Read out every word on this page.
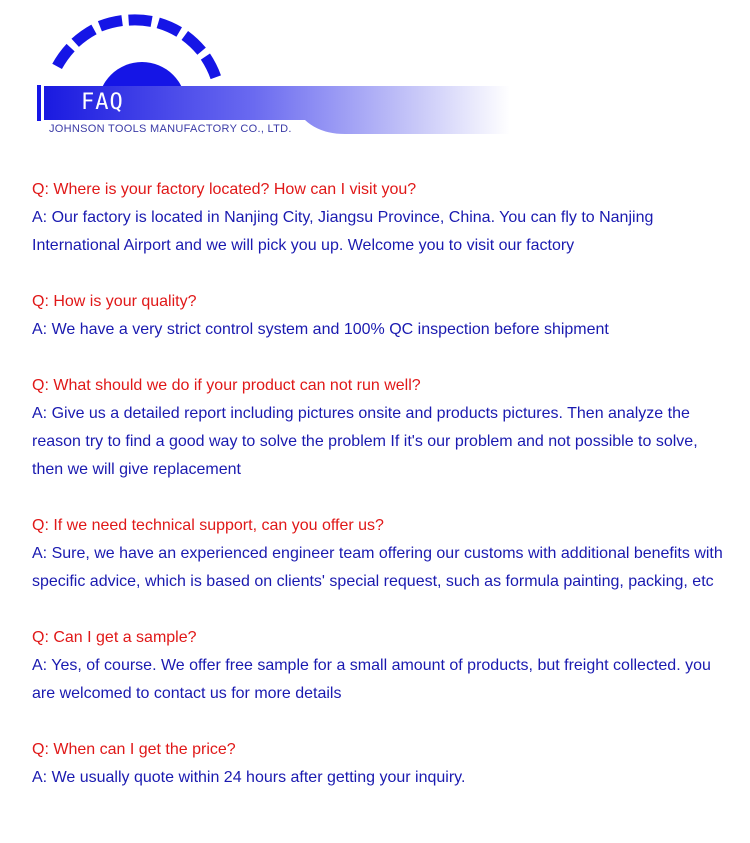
FAQ
JOHNSON TOOLS MANUFACTORY CO., LTD.
Q: Where is your factory located? How can I visit you?
A: Our factory is located in Nanjing City, Jiangsu Province, China. You can fly to Nanjing International Airport and we will pick you up. Welcome you to visit our factory
Q: How is your quality?
A: We have a very strict control system and 100% QC inspection before shipment
Q: What should we do if your product can not run well?
A: Give us a detailed report including pictures onsite and products pictures. Then analyze the reason try to find a good way to solve the problem If it's our problem and not possible to solve, then we will give replacement
Q: If we need technical support, can you offer us?
A: Sure, we have an experienced engineer team offering our customs with additional benefits with specific advice, which is based on clients' special request, such as formula painting, packing, etc
Q: Can I get a sample?
A: Yes, of course. We offer free sample for a small amount of products, but freight collected. you are welcomed to contact us for more details
Q: When can I get the price?
A: We usually quote within 24 hours after getting your inquiry.
